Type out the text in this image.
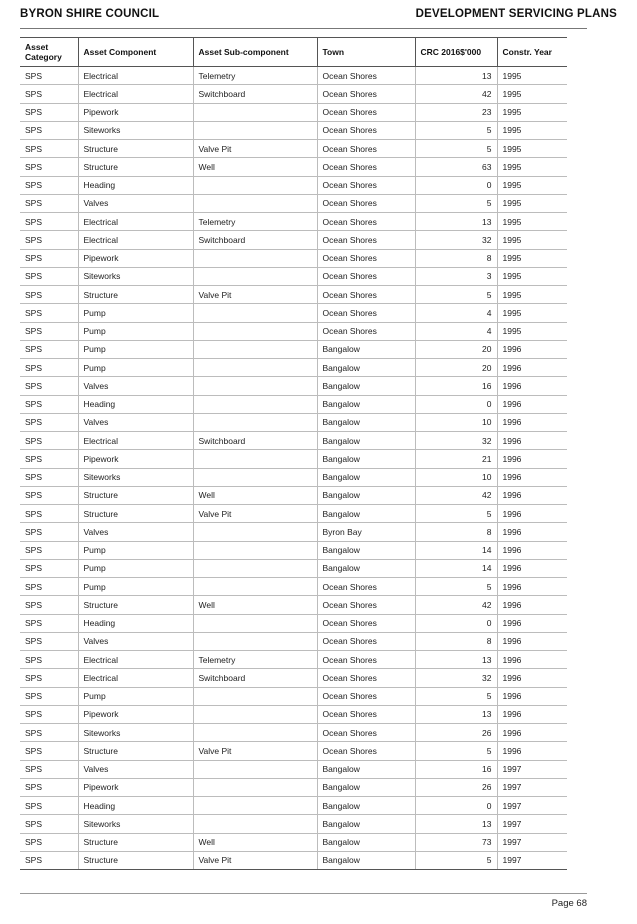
BYRON SHIRE COUNCIL	DEVELOPMENT SERVICING PLANS
Asset Category	Asset Component	Asset Sub-component	Town	CRC 2016$'000	Constr. Year
SPS	Electrical	Telemetry	Ocean Shores	13	1995
SPS	Electrical	Switchboard	Ocean Shores	42	1995
SPS	Pipework		Ocean Shores	23	1995
SPS	Siteworks		Ocean Shores	5	1995
SPS	Structure	Valve Pit	Ocean Shores	5	1995
SPS	Structure	Well	Ocean Shores	63	1995
SPS	Heading		Ocean Shores	0	1995
SPS	Valves		Ocean Shores	5	1995
SPS	Electrical	Telemetry	Ocean Shores	13	1995
SPS	Electrical	Switchboard	Ocean Shores	32	1995
SPS	Pipework		Ocean Shores	8	1995
SPS	Siteworks		Ocean Shores	3	1995
SPS	Structure	Valve Pit	Ocean Shores	5	1995
SPS	Pump		Ocean Shores	4	1995
SPS	Pump		Ocean Shores	4	1995
SPS	Pump		Bangalow	20	1996
SPS	Pump		Bangalow	20	1996
SPS	Valves		Bangalow	16	1996
SPS	Heading		Bangalow	0	1996
SPS	Valves		Bangalow	10	1996
SPS	Electrical	Switchboard	Bangalow	32	1996
SPS	Pipework		Bangalow	21	1996
SPS	Siteworks		Bangalow	10	1996
SPS	Structure	Well	Bangalow	42	1996
SPS	Structure	Valve Pit	Bangalow	5	1996
SPS	Valves		Byron Bay	8	1996
SPS	Pump		Bangalow	14	1996
SPS	Pump		Bangalow	14	1996
SPS	Pump		Ocean Shores	5	1996
SPS	Structure	Well	Ocean Shores	42	1996
SPS	Heading		Ocean Shores	0	1996
SPS	Valves		Ocean Shores	8	1996
SPS	Electrical	Telemetry	Ocean Shores	13	1996
SPS	Electrical	Switchboard	Ocean Shores	32	1996
SPS	Pump		Ocean Shores	5	1996
SPS	Pipework		Ocean Shores	13	1996
SPS	Siteworks		Ocean Shores	26	1996
SPS	Structure	Valve Pit	Ocean Shores	5	1996
SPS	Valves		Bangalow	16	1997
SPS	Pipework		Bangalow	26	1997
SPS	Heading		Bangalow	0	1997
SPS	Siteworks		Bangalow	13	1997
SPS	Structure	Well	Bangalow	73	1997
SPS	Structure	Valve Pit	Bangalow	5	1997
Page 68
